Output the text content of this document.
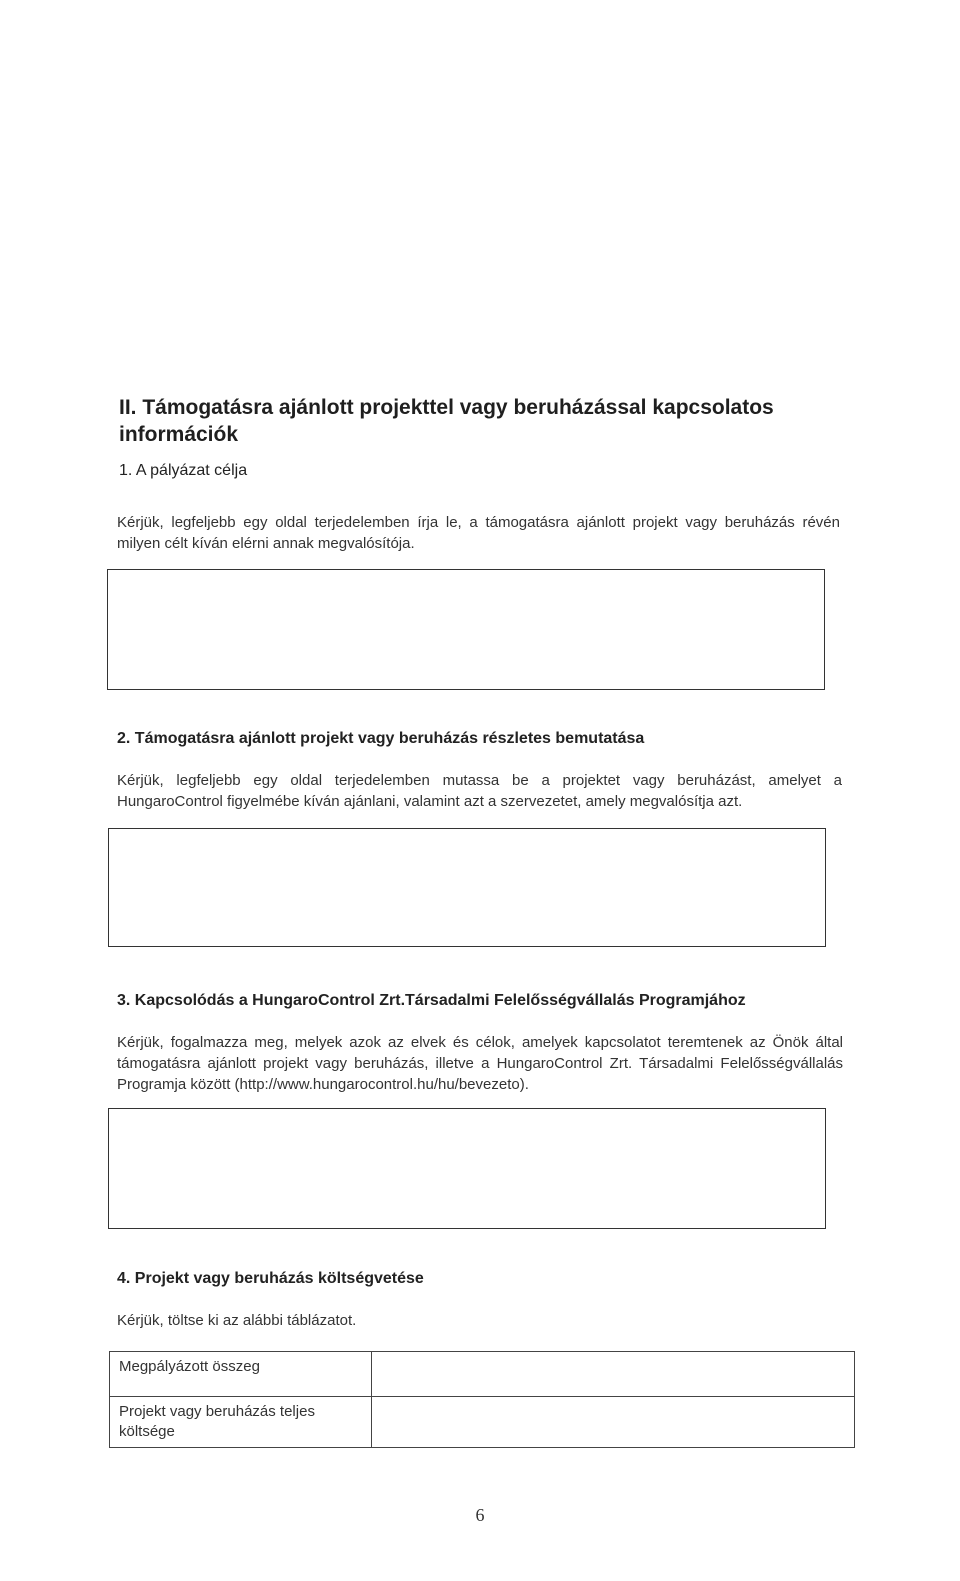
II. Támogatásra ajánlott projekttel vagy beruházással kapcsolatos információk
1. A pályázat célja

Kérjük, legfeljebb egy oldal terjedelemben írja le, a támogatásra ajánlott projekt vagy beruházás révén milyen célt kíván elérni annak megvalósítója.

2. Támogatásra ajánlott projekt vagy beruházás részletes bemutatása

Kérjük, legfeljebb egy oldal terjedelemben mutassa be a projektet vagy beruházást, amelyet a HungaroControl figyelmébe kíván ajánlani, valamint azt a szervezetet, amely megvalósítja azt.

3. Kapcsolódás a HungaroControl Zrt.Társadalmi Felelősségvállalás Programjához

Kérjük, fogalmazza meg, melyek azok az elvek és célok, amelyek kapcsolatot teremtenek az Önök által támogatásra ajánlott projekt vagy beruházás, illetve a HungaroControl Zrt. Társadalmi Felelősségvállalás Programja között (http://www.hungarocontrol.hu/hu/bevezeto).

4. Projekt vagy beruházás költségvetése

Kérjük, töltse ki az alábbi táblázatot.

Megpályázott összeg	
Projekt vagy beruházás teljes költsége	
6
